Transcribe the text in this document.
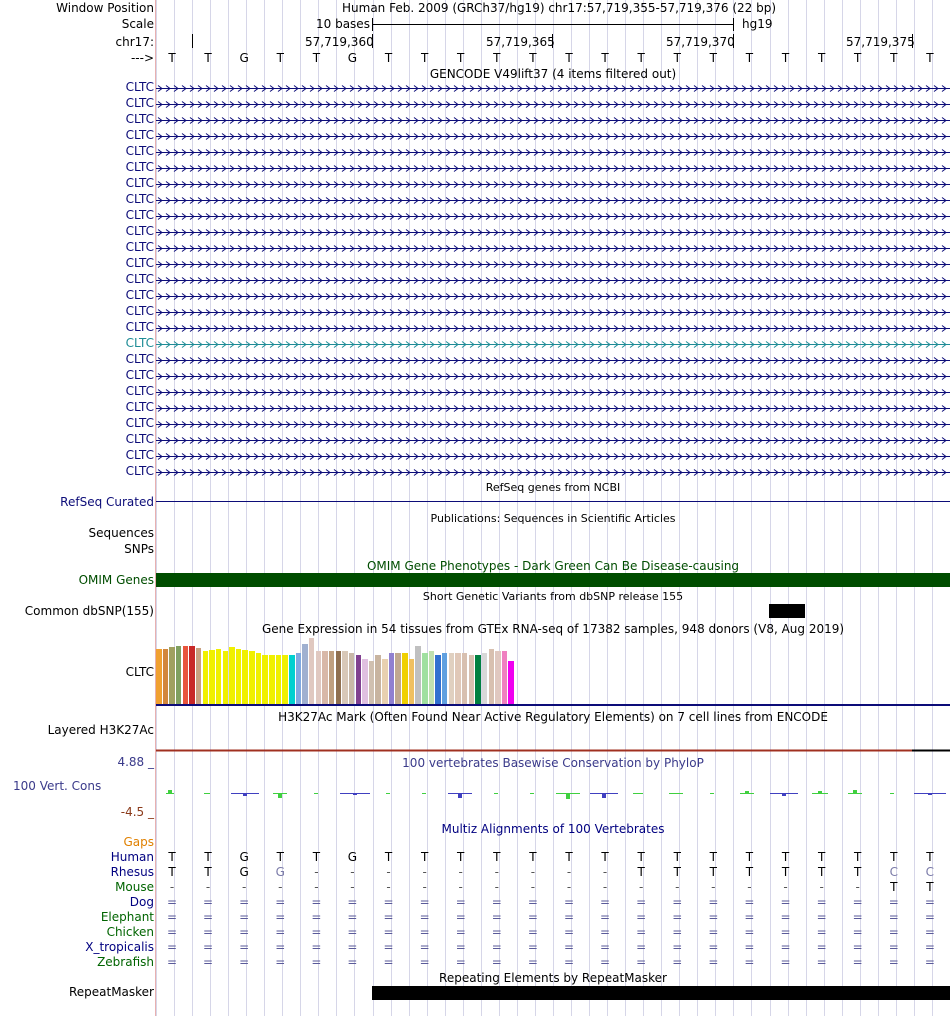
Window Position	Human Feb. 2009 (GRCh37/hg19) chr17:57,719,355-57,719,376 (22 bp)
Scale	10 bases	hg19
chr17:	57,719,360	57,719,365	57,719,370	57,719,375
--->	T	T	G	T	T	G	T	T	T	T	T	T	T	T	T	T	T	T	T	T	T	T
GENCODE V49lift37 (4 items filtered out)
CLTC
CLTC
CLTC
CLTC
CLTC
CLTC
CLTC
CLTC
CLTC
CLTC
CLTC
CLTC
CLTC
CLTC
CLTC
CLTC
CLTC
CLTC
CLTC
CLTC
CLTC
CLTC
CLTC
CLTC
CLTC
RefSeq genes from NCBI
RefSeq Curated
Publications: Sequences in Scientific Articles
Sequences
SNPs
OMIM Gene Phenotypes - Dark Green Can Be Disease-causing
OMIM Genes
Short Genetic Variants from dbSNP release 155
Common dbSNP(155)
Gene Expression in 54 tissues from GTEx RNA-seq of 17382 samples, 948 donors (V8, Aug 2019)
CLTC
H3K27Ac Mark (Often Found Near Active Regulatory Elements) on 7 cell lines from ENCODE
Layered H3K27Ac
100 vertebrates Basewise Conservation by PhyloP
4.88 _
100 Vert. Cons
-4.5 _
Multiz Alignments of 100 Vertebrates
Gaps
Human	T	T	G	T	T	G	T	T	T	T	T	T	T	T	T	T	T	T	T	T	T	T
Rhesus	T	T	G	G	-	-	-	-	-	-	-	-	-	T	T	T	T	T	T	T	C	C
Mouse	-	-	-	-	-	-	-	-	-	-	-	-	-	-	-	-	-	-	-	-	T	T
Dog	=	=	=	=	=	=	=	=	=	=	=	=	=	=	=	=	=	=	=	=	=	=
Elephant	=	=	=	=	=	=	=	=	=	=	=	=	=	=	=	=	=	=	=	=	=	=
Chicken	=	=	=	=	=	=	=	=	=	=	=	=	=	=	=	=	=	=	=	=	=	=
X_tropicalis	=	=	=	=	=	=	=	=	=	=	=	=	=	=	=	=	=	=	=	=	=	=
Zebrafish	=	=	=	=	=	=	=	=	=	=	=	=	=	=	=	=	=	=	=	=	=	=
Repeating Elements by RepeatMasker
RepeatMasker
